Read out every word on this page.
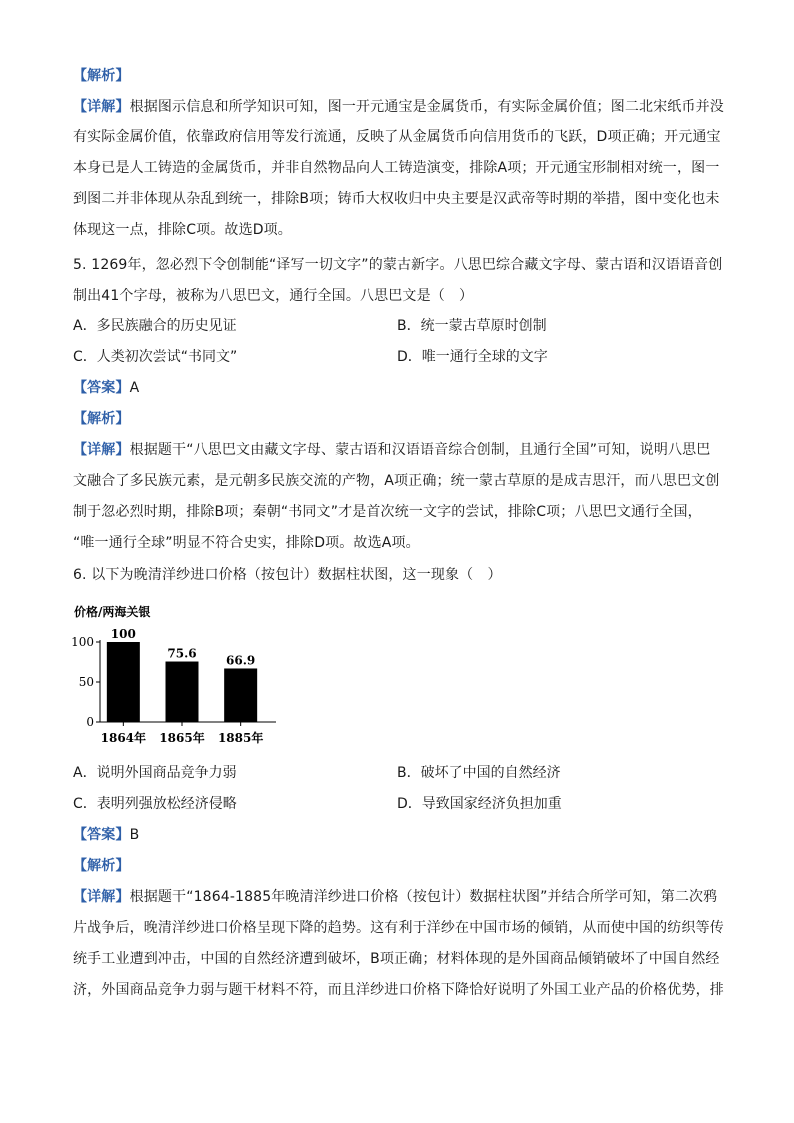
【解析】
【详解】根据图示信息和所学知识可知，图一开元通宝是金属货币，有实际金属价值；图二北宋纸币并没
有实际金属价值，依靠政府信用等发行流通，反映了从金属货币向信用货币的飞跃，D项正确；开元通宝
本身已是人工铸造的金属货币，并非自然物品向人工铸造演变，排除A项；开元通宝形制相对统一，图一
到图二并非体现从杂乱到统一，排除B项；铸币大权收归中央主要是汉武帝等时期的举措，图中变化也未
体现这一点，排除C项。故选D项。
5. 1269年，忽必烈下令创制能“译写一切文字”的蒙古新字。八思巴综合藏文字母、蒙古语和汉语语音创
制出41个字母，被称为八思巴文，通行全国。八思巴文是（　）
A．多民族融合的历史见证	B．统一蒙古草原时创制
C．人类初次尝试“书同文”	D．唯一通行全球的文字
【答案】A
【解析】
【详解】根据题干“八思巴文由藏文字母、蒙古语和汉语语音综合创制，且通行全国”可知，说明八思巴
文融合了多民族元素，是元朝多民族交流的产物，A项正确；统一蒙古草原的是成吉思汗，而八思巴文创
制于忽必烈时期，排除B项；秦朝“书同文”才是首次统一文字的尝试，排除C项；八思巴文通行全国，
“唯一通行全球”明显不符合史实，排除D项。故选A项。
6. 以下为晚清洋纱进口价格（按包计）数据柱状图，这一现象（　）
价格/两海关银
0
50
100
100
1864年
75.6
1865年
66.9
1885年
A．说明外国商品竞争力弱	B．破坏了中国的自然经济
C．表明列强放松经济侵略	D．导致国家经济负担加重
【答案】B
【解析】
【详解】根据题干“1864-1885年晚清洋纱进口价格（按包计）数据柱状图”并结合所学可知，第二次鸦
片战争后，晚清洋纱进口价格呈现下降的趋势。这有利于洋纱在中国市场的倾销，从而使中国的纺织等传
统手工业遭到冲击，中国的自然经济遭到破坏，B项正确；材料体现的是外国商品倾销破坏了中国自然经
济，外国商品竞争力弱与题干材料不符，而且洋纱进口价格下降恰好说明了外国工业产品的价格优势，排
